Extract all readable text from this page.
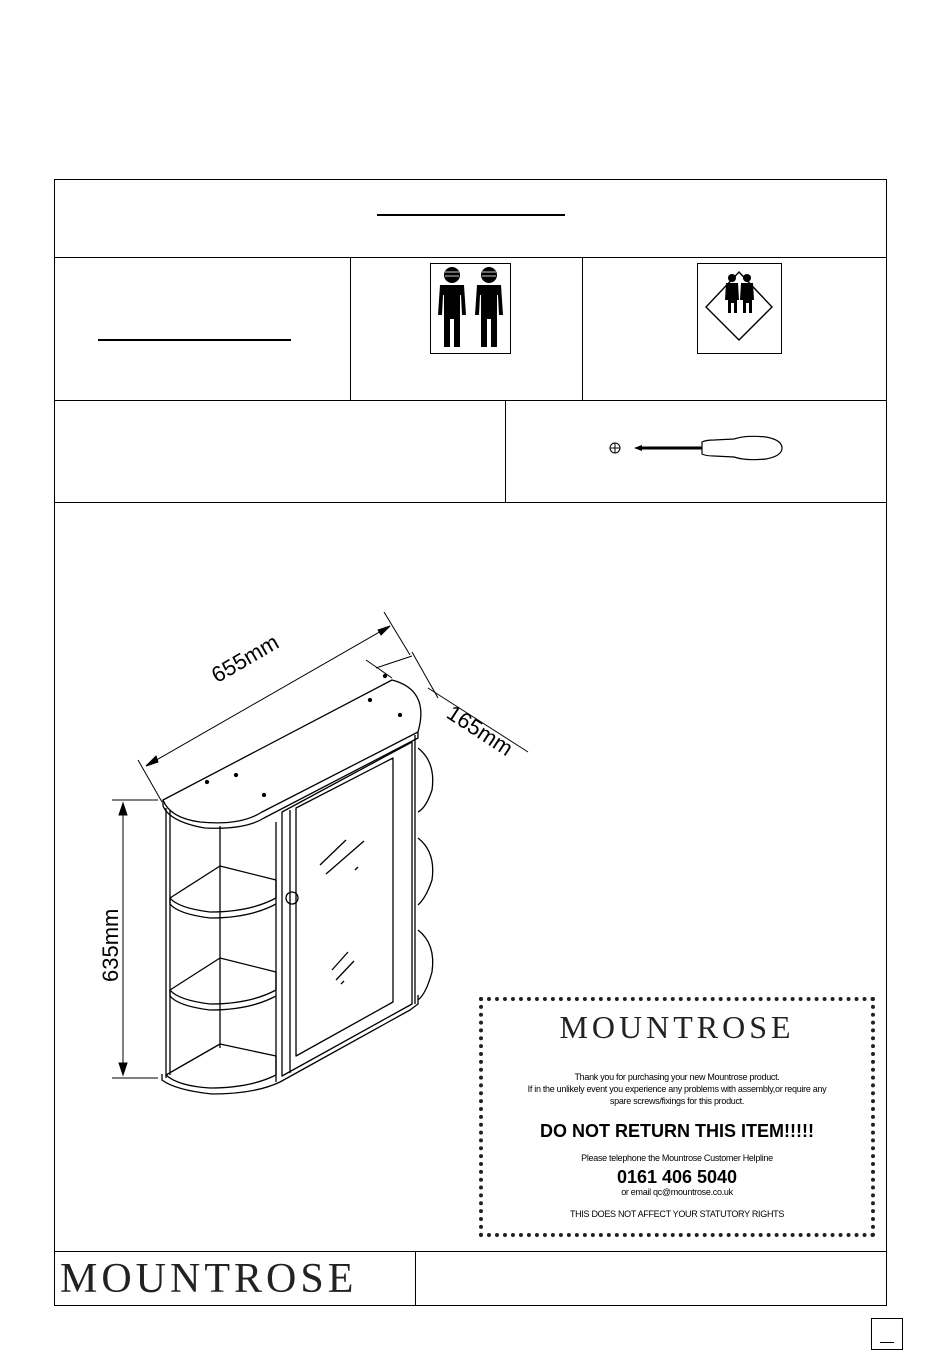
655mm
165mm
635mm
MOUNTROSE
Thank you for purchasing your new Mountrose product.
If in the unlikely event you experience any problems with assembly,or require any
spare screws/fixings for this product.
DO NOT RETURN THIS ITEM!!!!!
Please telephone the Mountrose Customer Helpline
0161 406 5040
or email qc@mountrose.co.uk
THIS DOES NOT AFFECT YOUR STATUTORY RIGHTS
MOUNTROSE
